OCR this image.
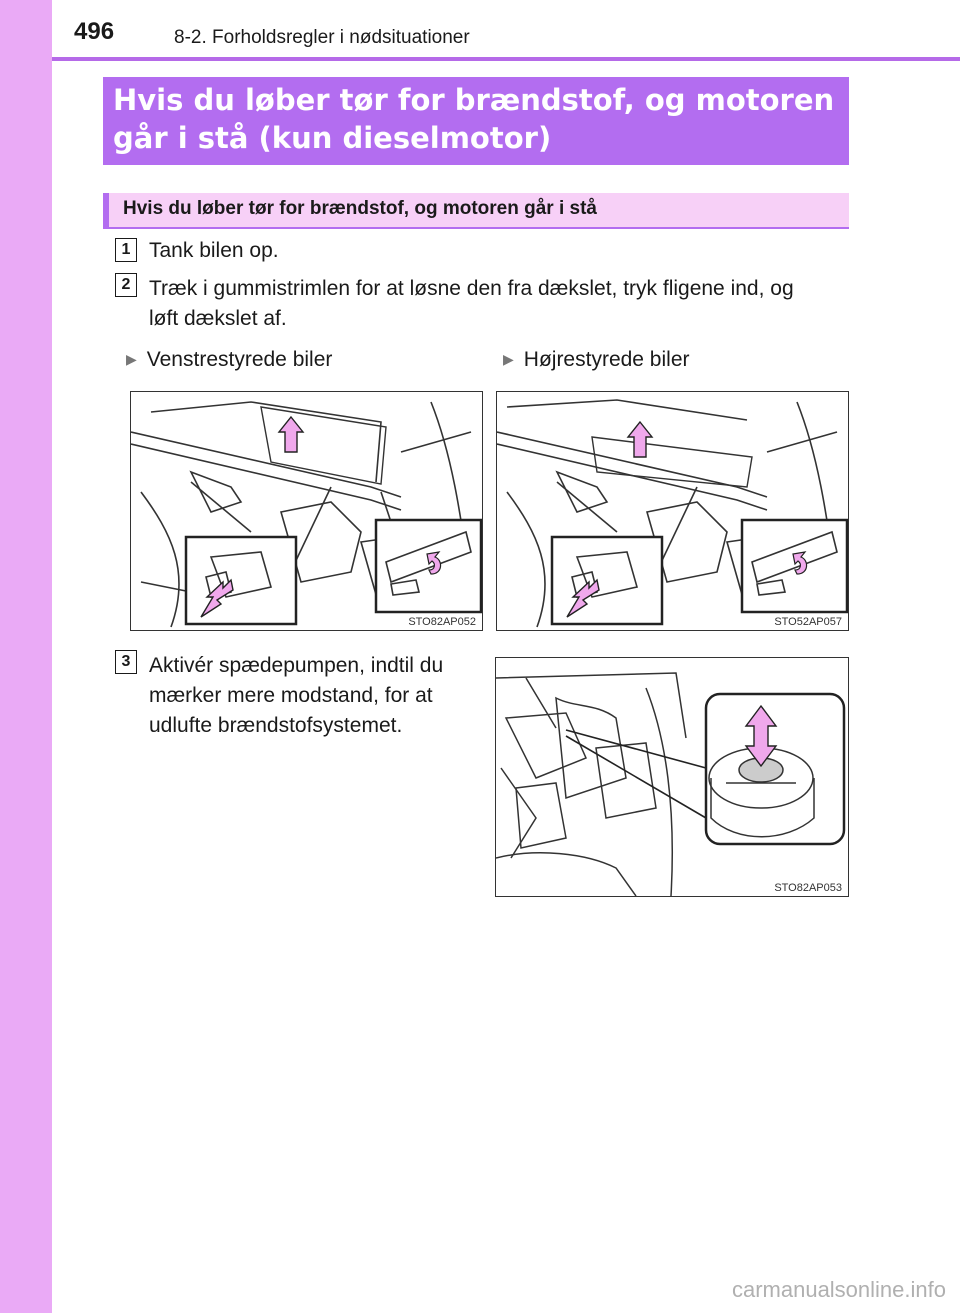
496	8-2. Forholdsregler i nødsituationer
Hvis du løber tør for brændstof, og motoren
går i stå (kun dieselmotor)
Hvis du løber tør for brændstof, og motoren går i stå
1 Tank bilen op.
2 Træk i gummistrimlen for at løsne den fra dækslet, tryk fligene ind, og
løft dækslet af.
▶ Venstrestyrede biler	▶ Højrestyrede biler
STO82AP052	STO52AP057
3 Aktivér spædepumpen, indtil du
mærker mere modstand, for at
udlufte brændstofsystemet.
STO82AP053
carmanualsonline.info
